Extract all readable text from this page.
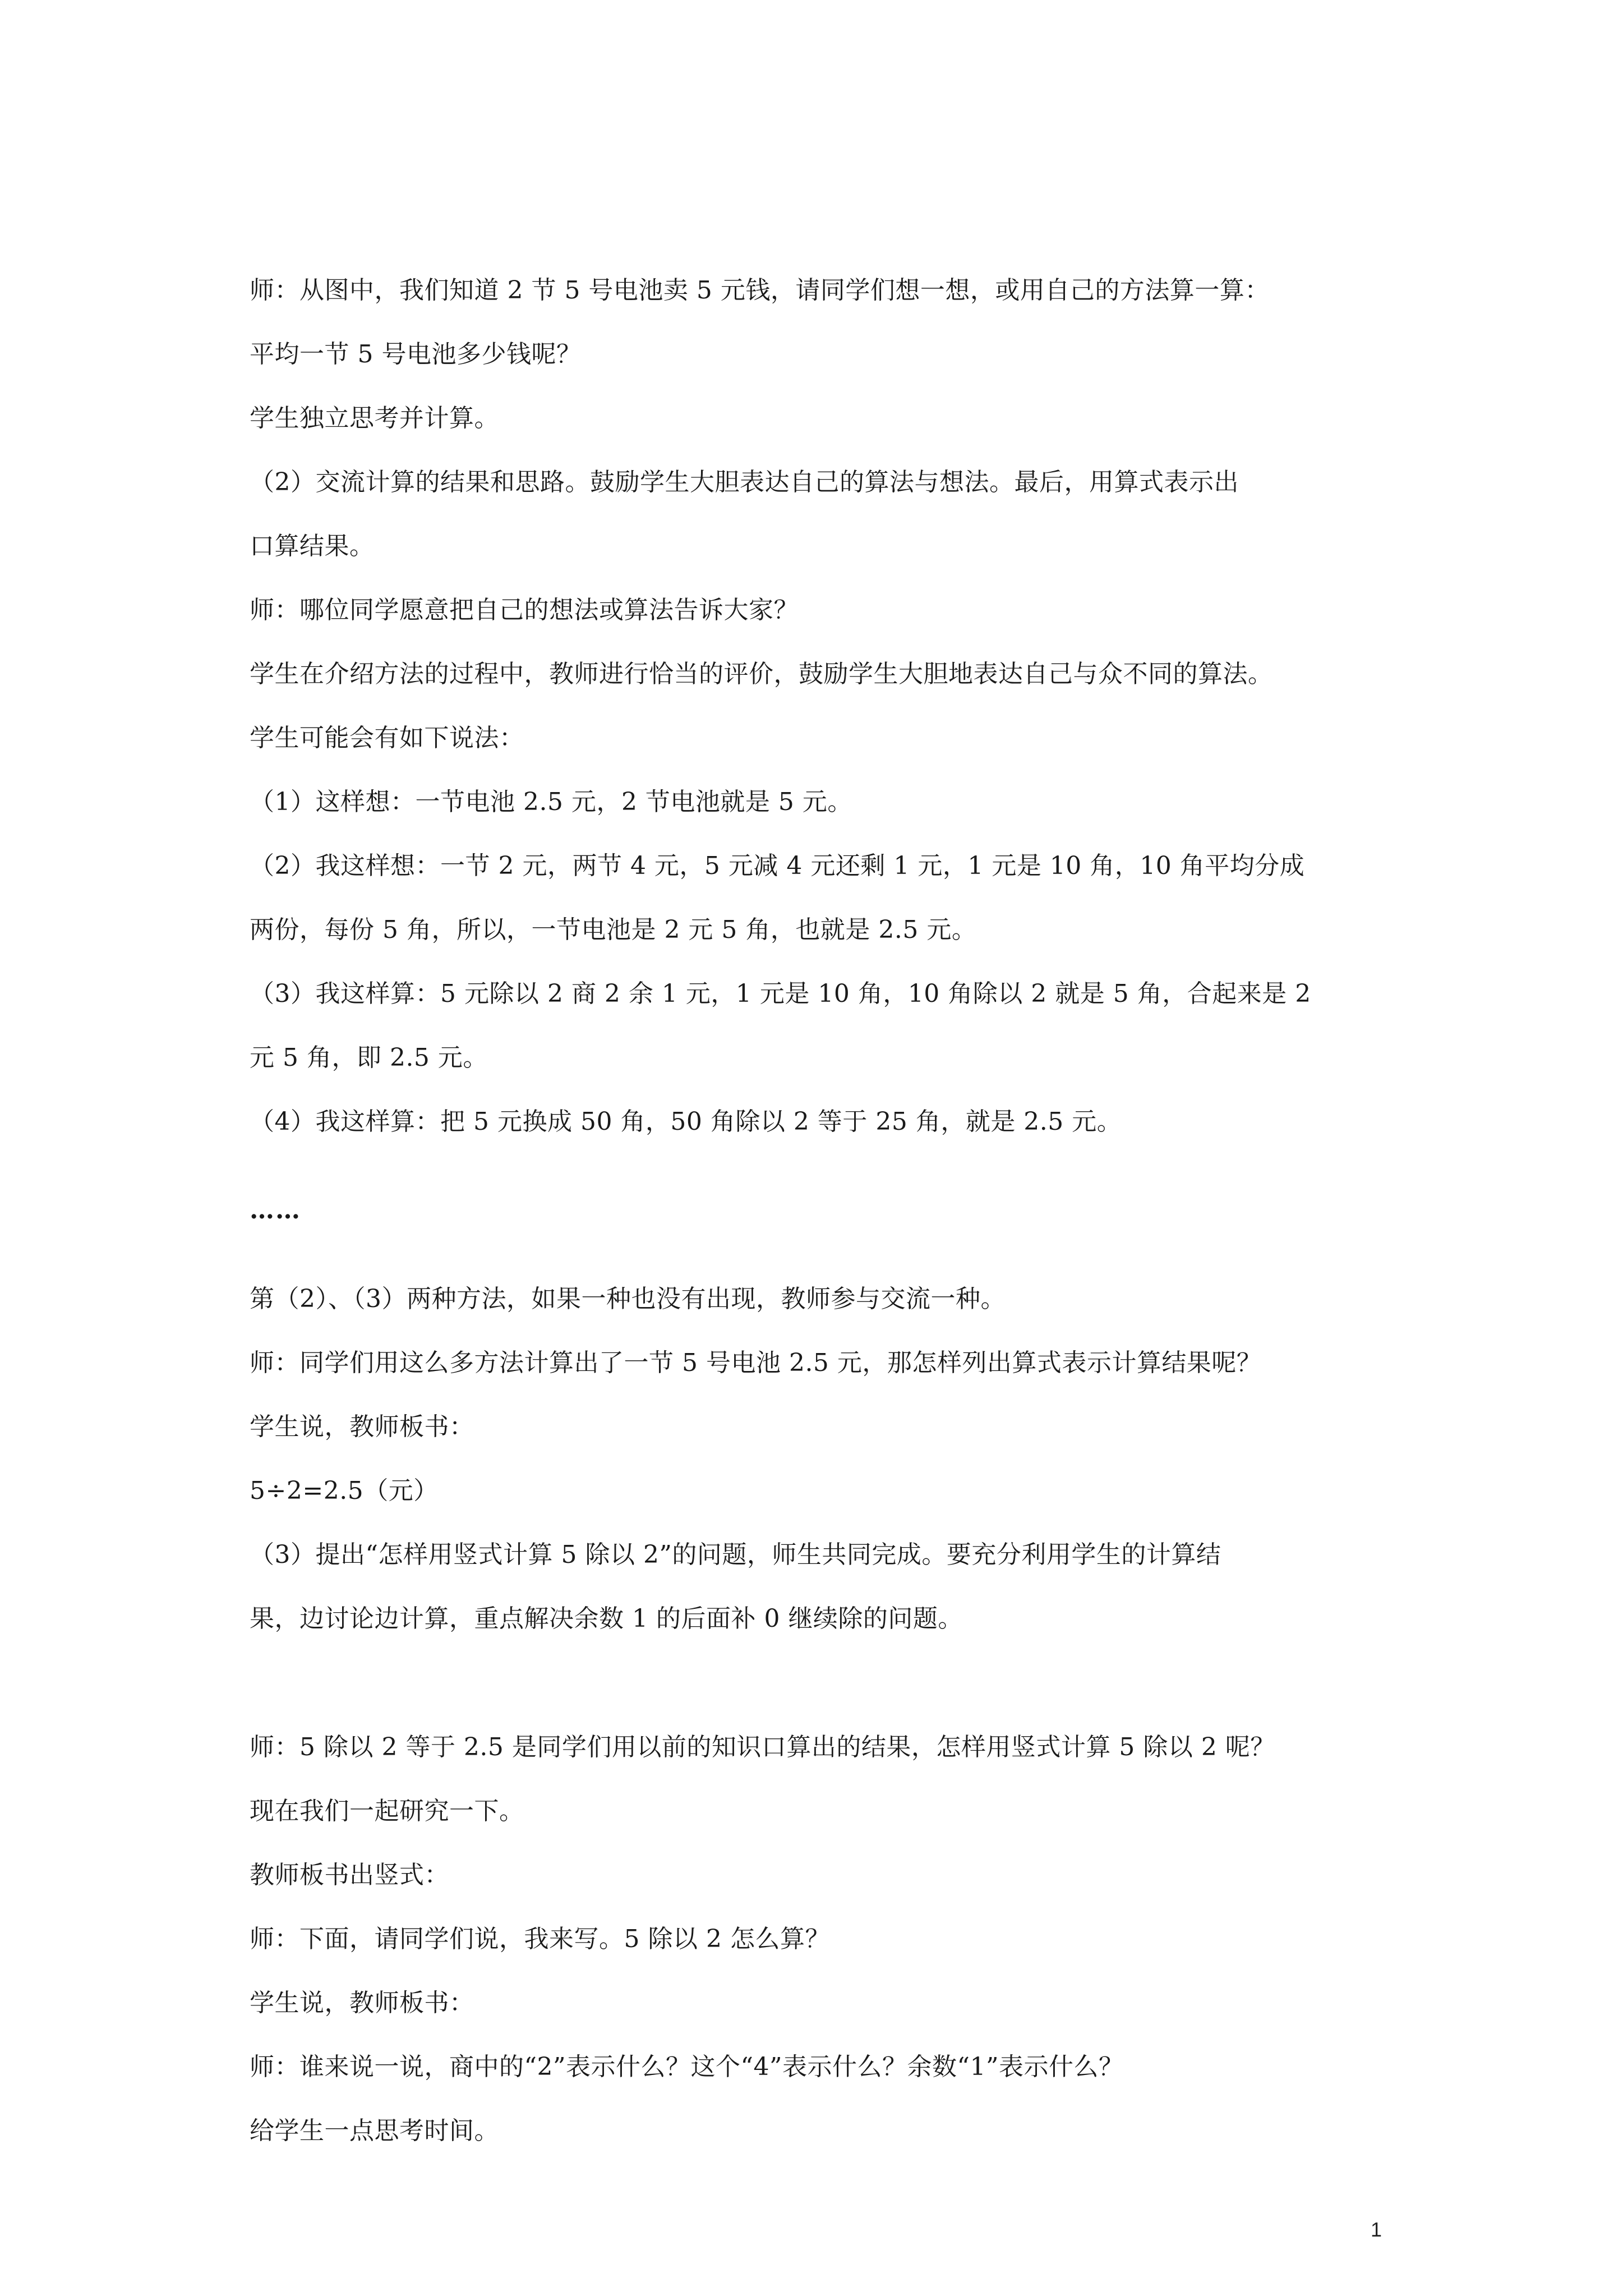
师：从图中，我们知道 2 节 5 号电池卖 5 元钱，请同学们想一想，或用自己的方法算一算：

平均一节 5 号电池多少钱呢？

学生独立思考并计算。

（2）交流计算的结果和思路。鼓励学生大胆表达自己的算法与想法。最后，用算式表示出

口算结果。

师：哪位同学愿意把自己的想法或算法告诉大家？

学生在介绍方法的过程中，教师进行恰当的评价，鼓励学生大胆地表达自己与众不同的算法。

学生可能会有如下说法：

（1）这样想：一节电池 2.5 元，2 节电池就是 5 元。

（2）我这样想：一节 2 元，两节 4 元，5 元减 4 元还剩 1 元，1 元是 10 角，10 角平均分成

两份，每份 5 角，所以，一节电池是 2 元 5 角，也就是 2.5 元。

（3）我这样算：5 元除以 2 商 2 余 1 元，1 元是 10 角，10 角除以 2 就是 5 角，合起来是 2

元 5 角，即 2.5 元。

（4）我这样算：把 5 元换成 50 角，50 角除以 2 等于 25 角，就是 2.5 元。

……

第（2）、（3）两种方法，如果一种也没有出现，教师参与交流一种。

师：同学们用这么多方法计算出了一节 5 号电池 2.5 元，那怎样列出算式表示计算结果呢？

学生说，教师板书：

5÷2=2.5（元）

（3）提出“怎样用竖式计算 5 除以 2”的问题，师生共同完成。要充分利用学生的计算结

果，边讨论边计算，重点解决余数 1 的后面补 0 继续除的问题。

师：5 除以 2 等于 2.5 是同学们用以前的知识口算出的结果，怎样用竖式计算 5 除以 2 呢？

现在我们一起研究一下。

教师板书出竖式：

师：下面，请同学们说，我来写。5 除以 2 怎么算？

学生说，教师板书：

师：谁来说一说，商中的“2”表示什么？这个“4”表示什么？余数“1”表示什么？

给学生一点思考时间。

1
